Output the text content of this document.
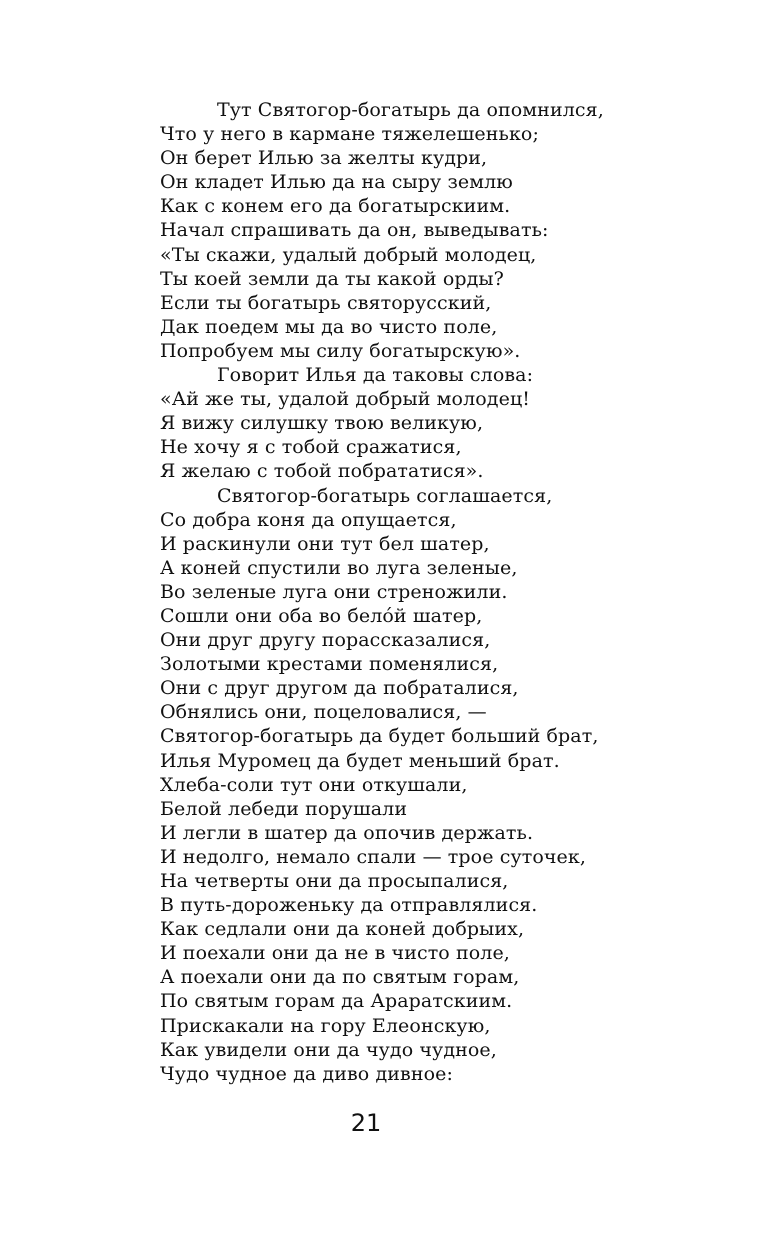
Тут Святогор-богатырь да опомнился,
Что у него в кармане тяжелешенько;
Он берет Илью за желты кудри,
Он кладет Илью да на сыру землю
Как с конем его да богатырскиим.
Начал спрашивать да он, выведывать:
«Ты скажи, удалый добрый молодец,
Ты коей земли да ты какой орды?
Если ты богатырь святорусский,
Дак поедем мы да во чисто поле,
Попробуем мы силу богатырскую».
Говорит Илья да таковы слова:
«Ай же ты, удалой добрый молодец!
Я вижу силушку твою великую,
Не хочу я с тобой сражатися,
Я желаю с тобой побрататися».
Святогор-богатырь соглашается,
Со добра коня да опущается,
И раскинули они тут бел шатер,
А коней спустили во луга зеленые,
Во зеленые луга они стреножили.
Сошли они оба во бело́й шатер,
Они друг другу порассказалися,
Золотыми крестами поменялися,
Они с друг другом да побраталися,
Обнялись они, поцеловалися, —
Святогор-богатырь да будет больший брат,
Илья Муромец да будет меньший брат.
Хлеба-соли тут они откушали,
Белой лебеди порушали
И легли в шатер да опочив держать.
И недолго, немало спали — трое суточек,
На четверты они да просыпалися,
В путь-дороженьку да отправлялися.
Как седлали они да коней добрыих,
И поехали они да не в чисто поле,
А поехали они да по святым горам,
По святым горам да Араратскиим.
Прискакали на гору Елеонскую,
Как увидели они да чудо чудное,
Чудо чудное да диво дивное:
21
